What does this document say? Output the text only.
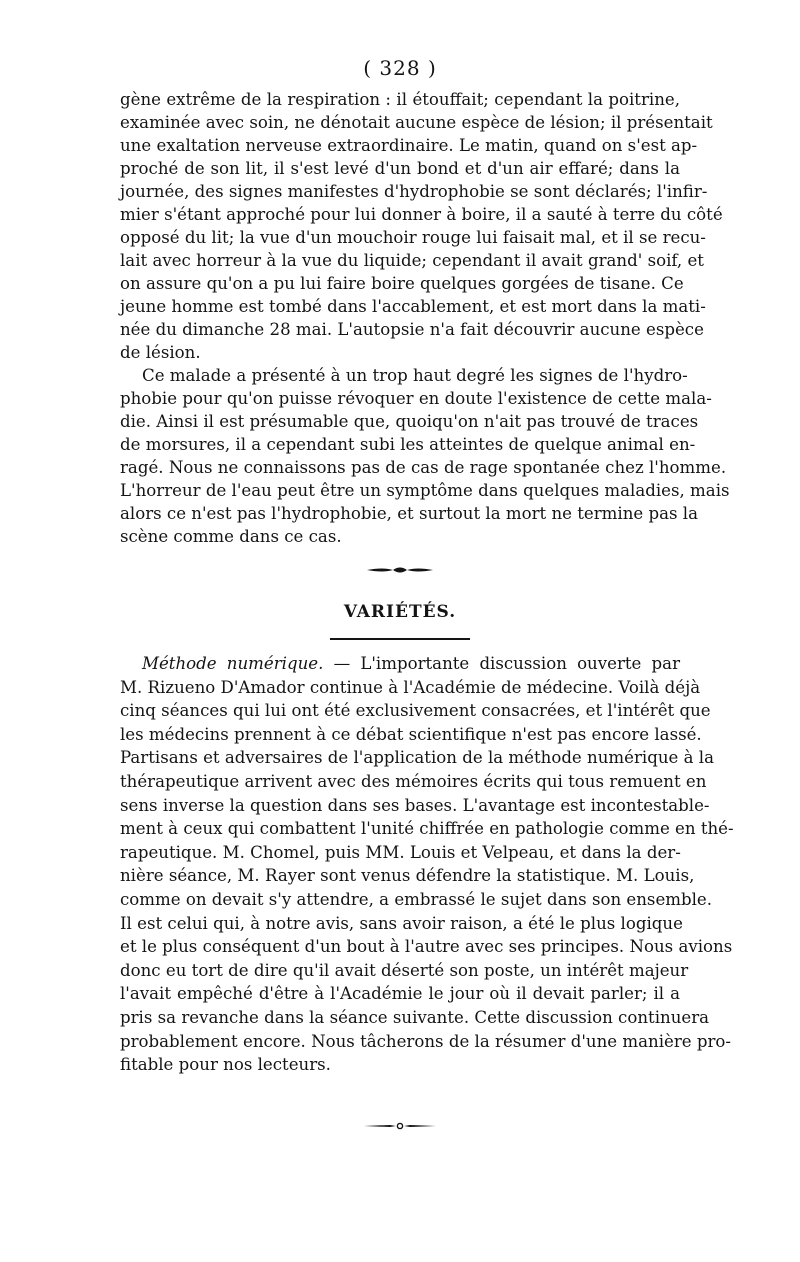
( 328 )
gène extrême de la respiration : il étouffait; cependant la poitrine,
examinée avec soin, ne dénotait aucune espèce de lésion; il présentait
une exaltation nerveuse extraordinaire. Le matin, quand on s'est ap-
proché de son lit, il s'est levé d'un bond et d'un air effaré; dans la
journée, des signes manifestes d'hydrophobie se sont déclarés; l'infir-
mier s'étant approché pour lui donner à boire, il a sauté à terre du côté
opposé du lit; la vue d'un mouchoir rouge lui faisait mal, et il se recu-
lait avec horreur à la vue du liquide; cependant il avait grand' soif, et
on assure qu'on a pu lui faire boire quelques gorgées de tisane. Ce
jeune homme est tombé dans l'accablement, et est mort dans la mati-
née du dimanche 28 mai. L'autopsie n'a fait découvrir aucune espèce
de lésion.
Ce malade a présenté à un trop haut degré les signes de l'hydro-
phobie pour qu'on puisse révoquer en doute l'existence de cette mala-
die. Ainsi il est présumable que, quoiqu'on n'ait pas trouvé de traces
de morsures, il a cependant subi les atteintes de quelque animal en-
ragé. Nous ne connaissons pas de cas de rage spontanée chez l'homme.
L'horreur de l'eau peut être un symptôme dans quelques maladies, mais
alors ce n'est pas l'hydrophobie, et surtout la mort ne termine pas la
scène comme dans ce cas.
VARIÉTÉS.
Méthode numérique. — L'importante discussion ouverte par
M. Rizueno D'Amador continue à l'Académie de médecine. Voilà déjà
cinq séances qui lui ont été exclusivement consacrées, et l'intérêt que
les médecins prennent à ce débat scientifique n'est pas encore lassé.
Partisans et adversaires de l'application de la méthode numérique à la
thérapeutique arrivent avec des mémoires écrits qui tous remuent en
sens inverse la question dans ses bases. L'avantage est incontestable-
ment à ceux qui combattent l'unité chiffrée en pathologie comme en thé-
rapeutique. M. Chomel, puis MM. Louis et Velpeau, et dans la der-
nière séance, M. Rayer sont venus défendre la statistique. M. Louis,
comme on devait s'y attendre, a embrassé le sujet dans son ensemble.
Il est celui qui, à notre avis, sans avoir raison, a été le plus logique
et le plus conséquent d'un bout à l'autre avec ses principes. Nous avions
donc eu tort de dire qu'il avait déserté son poste, un intérêt majeur
l'avait empêché d'être à l'Académie le jour où il devait parler; il a
pris sa revanche dans la séance suivante. Cette discussion continuera
probablement encore. Nous tâcherons de la résumer d'une manière pro-
fitable pour nos lecteurs.
